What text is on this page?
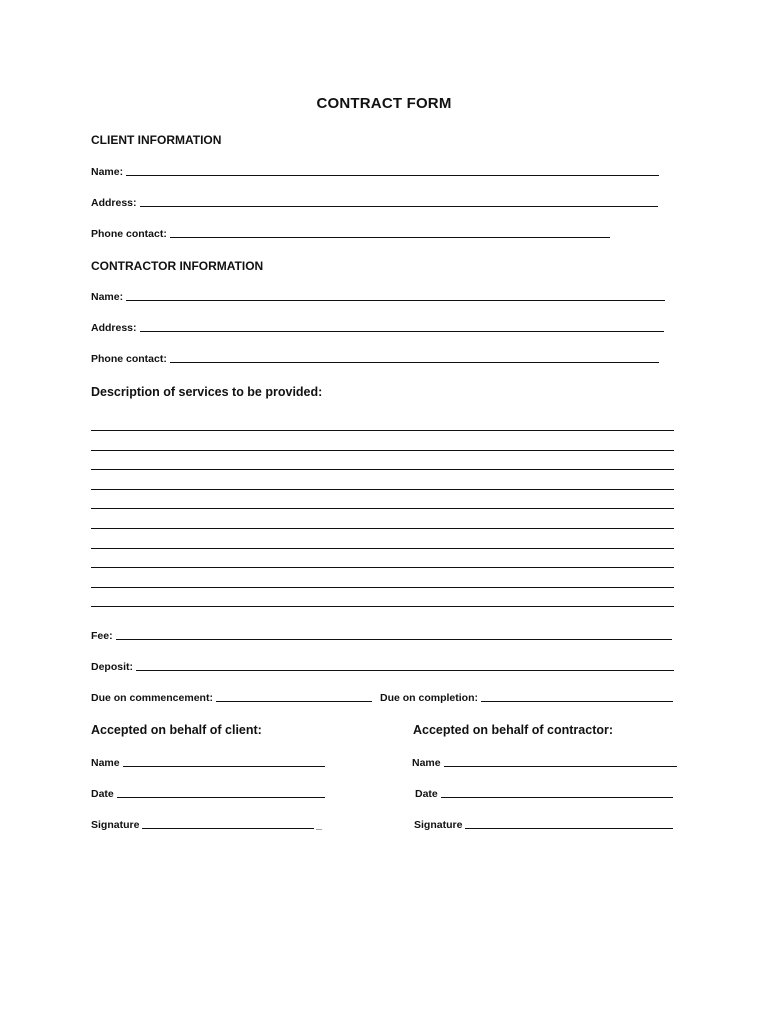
CONTRACT FORM
CLIENT INFORMATION
Name:
Address:
Phone contact:
CONTRACTOR INFORMATION
Name:
Address:
Phone contact:
Description of services to be provided:
Fee:
Deposit:
Due on commencement:	Due on completion:
Accepted on behalf of client:
Name
Date
Signature	_
Accepted on behalf of contractor:
Name
Date
Signature
